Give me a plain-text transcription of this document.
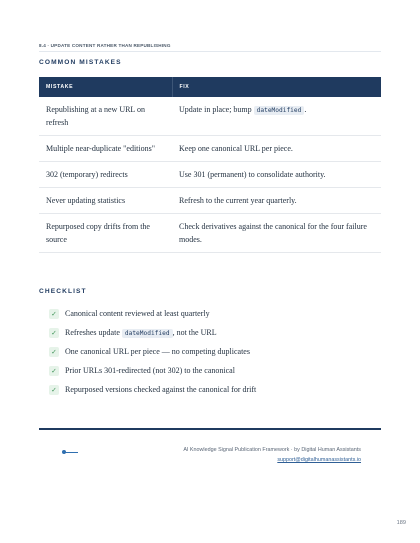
8.4 · UPDATE CONTENT RATHER THAN REPUBLISHING
COMMON MISTAKES
MISTAKE	FIX
Republishing at a new URL on refresh	Update in place; bump dateModified .
Multiple near-duplicate "editions"	Keep one canonical URL per piece.
302 (temporary) redirects	Use 301 (permanent) to consolidate authority.
Never updating statistics	Refresh to the current year quarterly.
Repurposed copy drifts from the source	Check derivatives against the canonical for the four failure modes.
CHECKLIST
✓ Canonical content reviewed at least quarterly
✓ Refreshes update dateModified , not the URL
✓ One canonical URL per piece — no competing duplicates
✓ Prior URLs 301-redirected (not 302) to the canonical
✓ Repurposed versions checked against the canonical for drift
AI Knowledge Signal Publication Framework · by Digital Human Assistants
support@digitalhumanassistants.io
189
